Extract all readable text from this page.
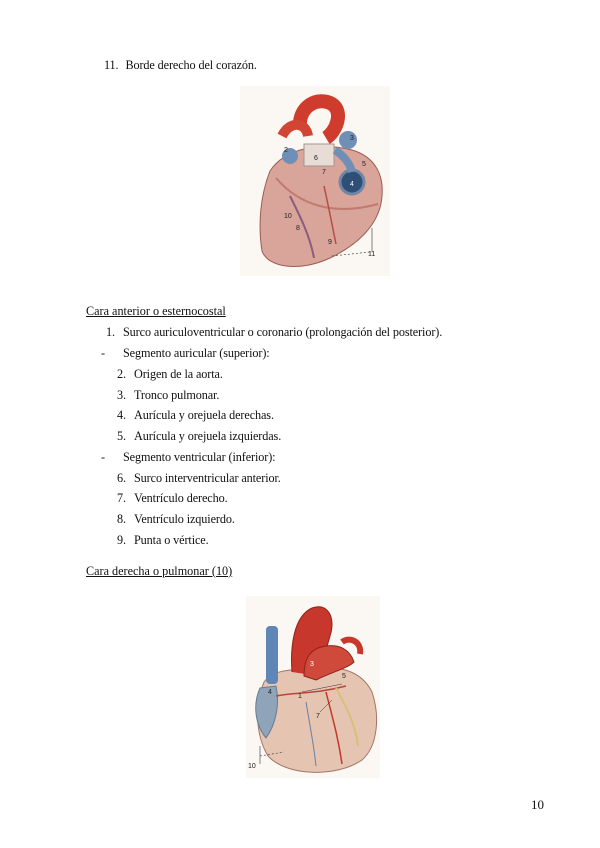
11. Borde derecho del corazón.
2
3
5
6
4
7
10
8
9
11
Cara anterior o esternocostal
1. Surco auriculoventricular o coronario (prolongación del posterior).
- Segmento auricular (superior):
2. Origen de la aorta.
3. Tronco pulmonar.
4. Aurícula y orejuela derechas.
5. Aurícula y orejuela izquierdas.
- Segmento ventricular (inferior):
6. Surco interventricular anterior.
7. Ventrículo derecho.
8. Ventrículo izquierdo.
9. Punta o vértice.
Cara derecha o pulmonar (10)
2	3
1
4
5
7
10
10
